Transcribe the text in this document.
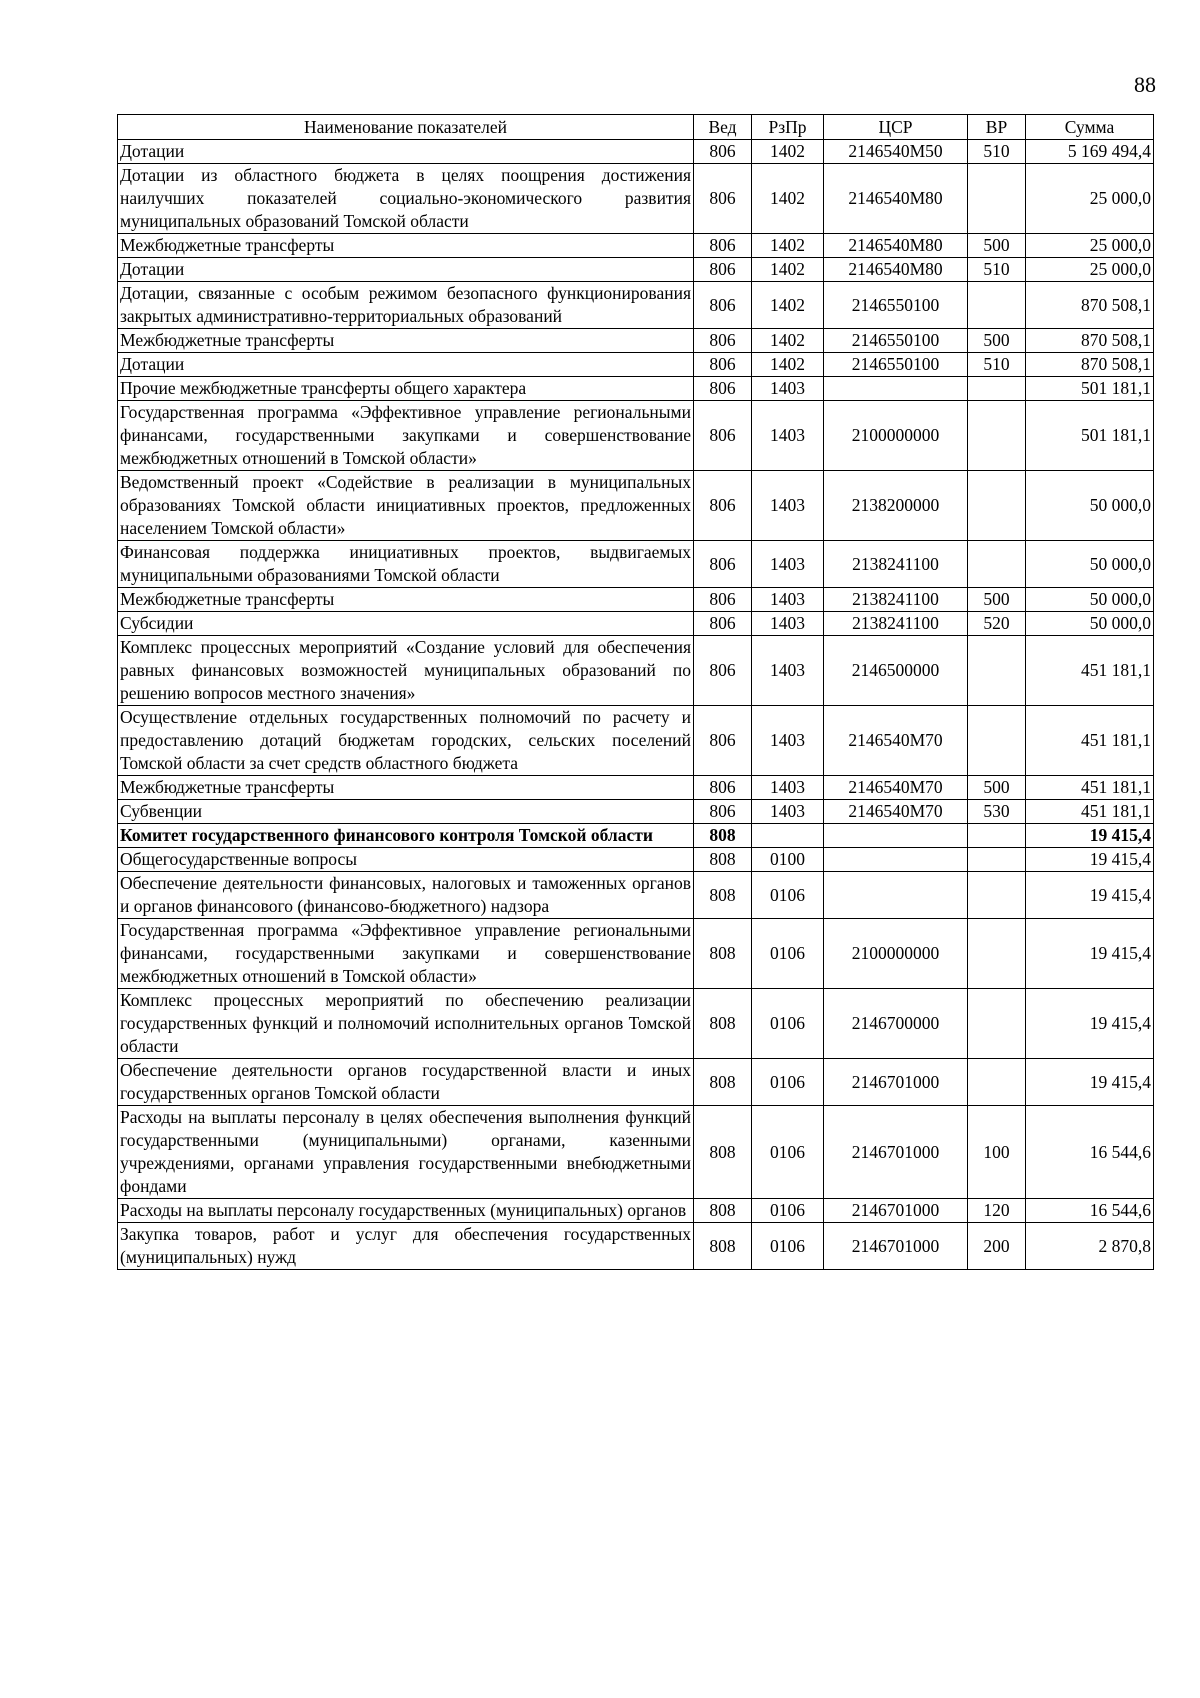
88
Наименование показателей	Вед	РзПр	ЦСР	ВР	Сумма
Дотации	806	1402	2146540М50	510	5 169 494,4
Дотации из областного бюджета в целях поощрения достижения наилучших показателей социально-экономического развития муниципальных образований Томской области	806	1402	2146540М80		25 000,0
Межбюджетные трансферты	806	1402	2146540М80	500	25 000,0
Дотации	806	1402	2146540М80	510	25 000,0
Дотации, связанные с особым режимом безопасного функционирования закрытых административно-территориальных образований	806	1402	2146550100		870 508,1
Межбюджетные трансферты	806	1402	2146550100	500	870 508,1
Дотации	806	1402	2146550100	510	870 508,1
Прочие межбюджетные трансферты общего характера	806	1403			501 181,1
Государственная программа «Эффективное управление региональными финансами, государственными закупками и совершенствование межбюджетных отношений в Томской области»	806	1403	2100000000		501 181,1
Ведомственный проект «Содействие в реализации в муниципальных образованиях Томской области инициативных проектов, предложенных населением Томской области»	806	1403	2138200000		50 000,0
Финансовая поддержка инициативных проектов, выдвигаемых муниципальными образованиями Томской области	806	1403	2138241100		50 000,0
Межбюджетные трансферты	806	1403	2138241100	500	50 000,0
Субсидии	806	1403	2138241100	520	50 000,0
Комплекс процессных мероприятий «Создание условий для обеспечения равных финансовых возможностей муниципальных образований по решению вопросов местного значения»	806	1403	2146500000		451 181,1
Осуществление отдельных государственных полномочий по расчету и предоставлению дотаций бюджетам городских, сельских поселений Томской области за счет средств областного бюджета	806	1403	2146540М70		451 181,1
Межбюджетные трансферты	806	1403	2146540М70	500	451 181,1
Субвенции	806	1403	2146540М70	530	451 181,1
Комитет государственного финансового контроля Томской области	808				19 415,4
Общегосударственные вопросы	808	0100			19 415,4
Обеспечение деятельности финансовых, налоговых и таможенных органов и органов финансового (финансово-бюджетного) надзора	808	0106			19 415,4
Государственная программа «Эффективное управление региональными финансами, государственными закупками и совершенствование межбюджетных отношений в Томской области»	808	0106	2100000000		19 415,4
Комплекс процессных мероприятий по обеспечению реализации государственных функций и полномочий исполнительных органов Томской области	808	0106	2146700000		19 415,4
Обеспечение деятельности органов государственной власти и иных государственных органов Томской области	808	0106	2146701000		19 415,4
Расходы на выплаты персоналу в целях обеспечения выполнения функций государственными (муниципальными) органами, казенными учреждениями, органами управления государственными внебюджетными фондами	808	0106	2146701000	100	16 544,6
Расходы на выплаты персоналу государственных (муниципальных) органов	808	0106	2146701000	120	16 544,6
Закупка товаров, работ и услуг для обеспечения государственных (муниципальных) нужд	808	0106	2146701000	200	2 870,8
